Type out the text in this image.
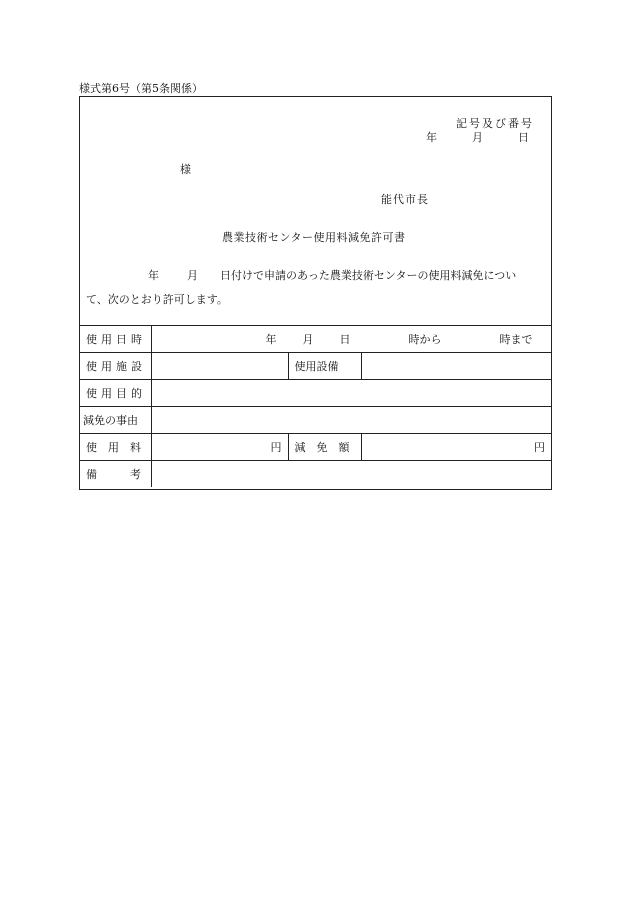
様式第6号（第5条関係）
記号及び番号
年	月	日
様
能代市長
農業技術センター使用料減免許可書
年	月 日付けで申請のあった農業技術センターの使用料減免につい
て、次のとおり許可します。
使用日時	年 月 日 時から 時まで		
使用施設		使用設備	
使用目的			
減免の事由			
使　用　料	円	減　免　額	円
備　　　考			
